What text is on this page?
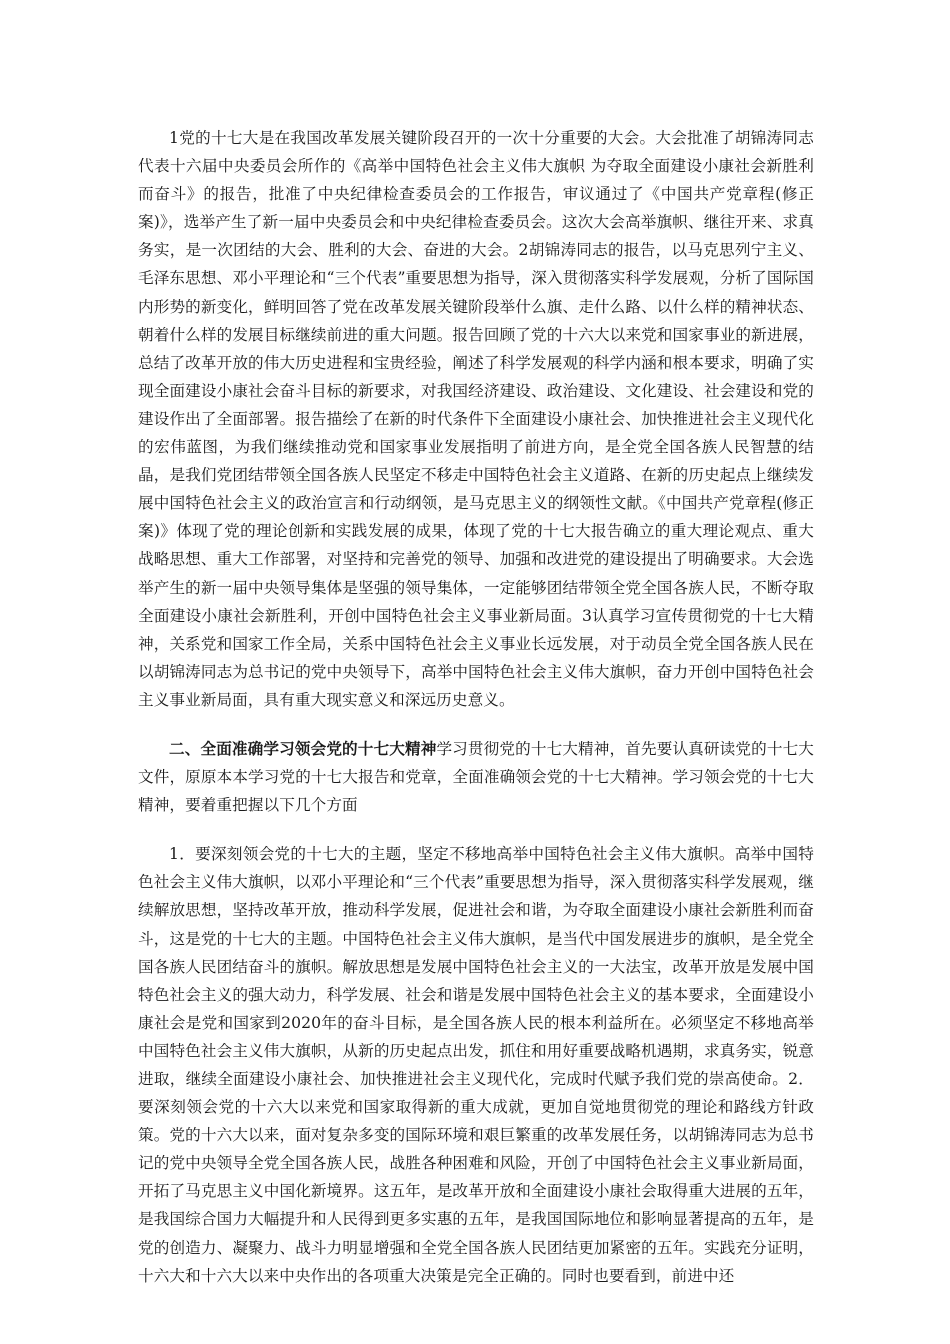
1党的十七大是在我国改革发展关键阶段召开的一次十分重要的大会。大会批准了胡锦涛同志代表十六届中央委员会所作的《高举中国特色社会主义伟大旗帜 为夺取全面建设小康社会新胜利而奋斗》的报告，批准了中央纪律检查委员会的工作报告，审议通过了《中国共产党章程(修正案)》，选举产生了新一届中央委员会和中央纪律检查委员会。这次大会高举旗帜、继往开来、求真务实，是一次团结的大会、胜利的大会、奋进的大会。2胡锦涛同志的报告，以马克思列宁主义、毛泽东思想、邓小平理论和“三个代表”重要思想为指导，深入贯彻落实科学发展观，分析了国际国内形势的新变化，鲜明回答了党在改革发展关键阶段举什么旗、走什么路、以什么样的精神状态、朝着什么样的发展目标继续前进的重大问题。报告回顾了党的十六大以来党和国家事业的新进展，总结了改革开放的伟大历史进程和宝贵经验，阐述了科学发展观的科学内涵和根本要求，明确了实现全面建设小康社会奋斗目标的新要求，对我国经济建设、政治建设、文化建设、社会建设和党的建设作出了全面部署。报告描绘了在新的时代条件下全面建设小康社会、加快推进社会主义现代化的宏伟蓝图，为我们继续推动党和国家事业发展指明了前进方向，是全党全国各族人民智慧的结晶，是我们党团结带领全国各族人民坚定不移走中国特色社会主义道路、在新的历史起点上继续发展中国特色社会主义的政治宣言和行动纲领，是马克思主义的纲领性文献。《中国共产党章程(修正案)》体现了党的理论创新和实践发展的成果，体现了党的十七大报告确立的重大理论观点、重大战略思想、重大工作部署，对坚持和完善党的领导、加强和改进党的建设提出了明确要求。大会选举产生的新一届中央领导集体是坚强的领导集体，一定能够团结带领全党全国各族人民，不断夺取全面建设小康社会新胜利，开创中国特色社会主义事业新局面。3认真学习宣传贯彻党的十七大精神，关系党和国家工作全局，关系中国特色社会主义事业长远发展，对于动员全党全国各族人民在以胡锦涛同志为总书记的党中央领导下，高举中国特色社会主义伟大旗帜，奋力开创中国特色社会主义事业新局面，具有重大现实意义和深远历史意义。

二、全面准确学习领会党的十七大精神学习贯彻党的十七大精神，首先要认真研读党的十七大文件，原原本本学习党的十七大报告和党章，全面准确领会党的十七大精神。学习领会党的十七大精神，要着重把握以下几个方面

1．要深刻领会党的十七大的主题，坚定不移地高举中国特色社会主义伟大旗帜。高举中国特色社会主义伟大旗帜，以邓小平理论和“三个代表”重要思想为指导，深入贯彻落实科学发展观，继续解放思想，坚持改革开放，推动科学发展，促进社会和谐，为夺取全面建设小康社会新胜利而奋斗，这是党的十七大的主题。中国特色社会主义伟大旗帜，是当代中国发展进步的旗帜，是全党全国各族人民团结奋斗的旗帜。解放思想是发展中国特色社会主义的一大法宝，改革开放是发展中国特色社会主义的强大动力，科学发展、社会和谐是发展中国特色社会主义的基本要求，全面建设小康社会是党和国家到2020年的奋斗目标，是全国各族人民的根本利益所在。必须坚定不移地高举中国特色社会主义伟大旗帜，从新的历史起点出发，抓住和用好重要战略机遇期，求真务实，锐意进取，继续全面建设小康社会、加快推进社会主义现代化，完成时代赋予我们党的崇高使命。2．要深刻领会党的十六大以来党和国家取得新的重大成就，更加自觉地贯彻党的理论和路线方针政策。党的十六大以来，面对复杂多变的国际环境和艰巨繁重的改革发展任务，以胡锦涛同志为总书记的党中央领导全党全国各族人民，战胜各种困难和风险，开创了中国特色社会主义事业新局面，开拓了马克思主义中国化新境界。这五年，是改革开放和全面建设小康社会取得重大进展的五年，是我国综合国力大幅提升和人民得到更多实惠的五年，是我国国际地位和影响显著提高的五年，是党的创造力、凝聚力、战斗力明显增强和全党全国各族人民团结更加紧密的五年。实践充分证明，十六大和十六大以来中央作出的各项重大决策是完全正确的。同时也要看到，前进中还
